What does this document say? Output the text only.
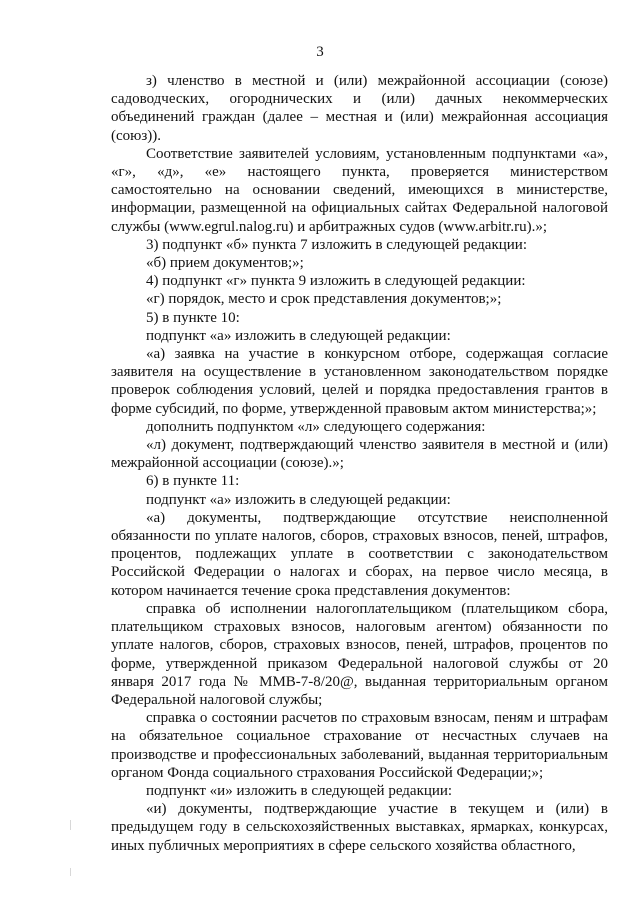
3

з) членство в местной и (или) межрайонной ассоциации (союзе) садоводческих, огороднических и (или) дачных некоммерческих объединений граждан (далее – местная и (или) межрайонная ассоциация (союз)).

Соответствие заявителей условиям, установленным подпунктами «а», «г», «д», «е» настоящего пункта, проверяется министерством самостоятельно на основании сведений, имеющихся в министерстве, информации, размещенной на официальных сайтах Федеральной налоговой службы (www.egrul.nalog.ru) и арбитражных судов (www.arbitr.ru).»;

3) подпункт «б» пункта 7 изложить в следующей редакции:

«б) прием документов;»;

4) подпункт «г» пункта 9 изложить в следующей редакции:

«г) порядок, место и срок представления документов;»;

5) в пункте 10:

подпункт «а» изложить в следующей редакции:

«а) заявка на участие в конкурсном отборе, содержащая согласие заявителя на осуществление в установленном законодательством порядке проверок соблюдения условий, целей и порядка предоставления грантов в форме субсидий, по форме, утвержденной правовым актом министерства;»;

дополнить подпунктом «л» следующего содержания:

«л) документ, подтверждающий членство заявителя в местной и (или) межрайонной ассоциации (союзе).»;

6) в пункте 11:

подпункт «а» изложить в следующей редакции:

«а) документы, подтверждающие отсутствие неисполненной обязанности по уплате налогов, сборов, страховых взносов, пеней, штрафов, процентов, подлежащих уплате в соответствии с законодательством Российской Федерации о налогах и сборах, на первое число месяца, в котором начинается течение срока представления документов:

справка об исполнении налогоплательщиком (плательщиком сбора, плательщиком страховых взносов, налоговым агентом) обязанности по уплате налогов, сборов, страховых взносов, пеней, штрафов, процентов по форме, утвержденной приказом Федеральной налоговой службы от 20 января 2017 года № ММВ-7-8/20@, выданная территориальным органом Федеральной налоговой службы;

справка о состоянии расчетов по страховым взносам, пеням и штрафам на обязательное социальное страхование от несчастных случаев на производстве и профессиональных заболеваний, выданная территориальным органом Фонда социального страхования Российской Федерации;»;

подпункт «и» изложить в следующей редакции:

«и) документы, подтверждающие участие в текущем и (или) в предыдущем году в сельскохозяйственных выставках, ярмарках, конкурсах, иных публичных мероприятиях в сфере сельского хозяйства областного,
